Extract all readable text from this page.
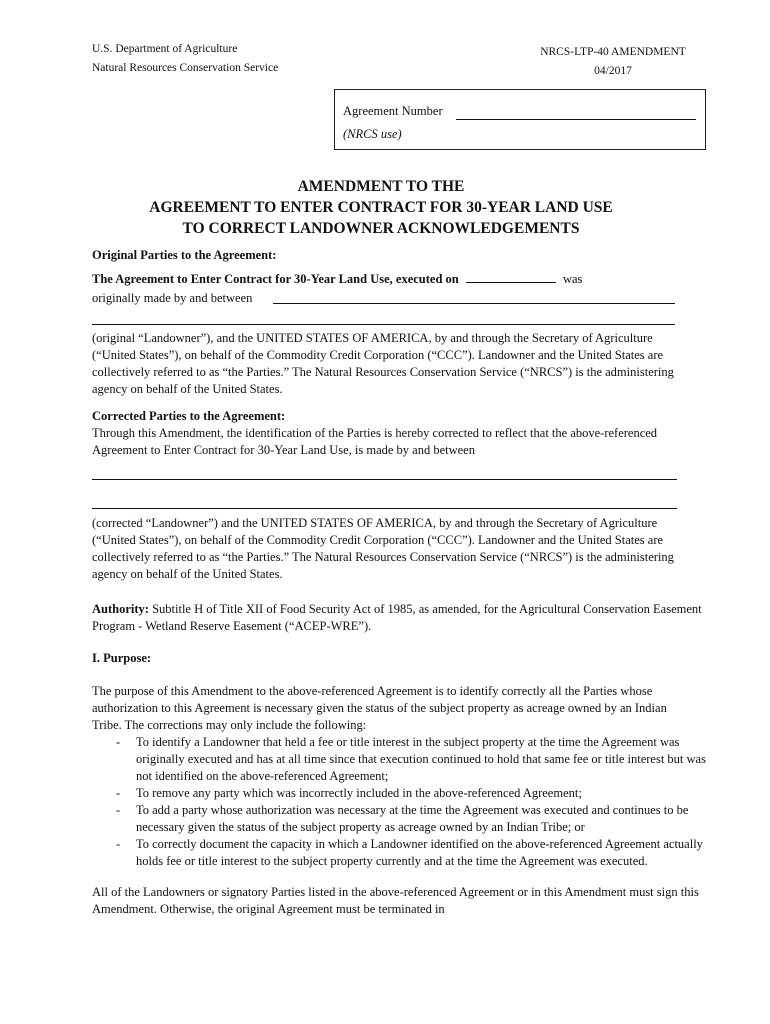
U.S. Department of Agriculture
Natural Resources Conservation Service
NRCS-LTP-40 AMENDMENT
04/2017
Agreement Number
(NRCS use)
AMENDMENT TO THE
AGREEMENT TO ENTER CONTRACT FOR 30-YEAR LAND USE
TO CORRECT LANDOWNER ACKNOWLEDGEMENTS
Original Parties to the Agreement:
The Agreement to Enter Contract for 30-Year Land Use, executed on	was
originally made by and between
(original “Landowner”), and the UNITED STATES OF AMERICA, by and through the Secretary of Agriculture (“United States”), on behalf of the Commodity Credit Corporation (“CCC”). Landowner and the United States are collectively referred to as “the Parties.” The Natural Resources Conservation Service (“NRCS”) is the administering agency on behalf of the United States.
Corrected Parties to the Agreement:
Through this Amendment, the identification of the Parties is hereby corrected to reflect that the above-referenced Agreement to Enter Contract for 30-Year Land Use, is made by and between
(corrected “Landowner”) and the UNITED STATES OF AMERICA, by and through the Secretary of Agriculture (“United States”), on behalf of the Commodity Credit Corporation (“CCC”). Landowner and the United States are collectively referred to as “the Parties.” The Natural Resources Conservation Service (“NRCS”) is the administering agency on behalf of the United States.
Authority: Subtitle H of Title XII of Food Security Act of 1985, as amended, for the Agricultural Conservation Easement Program - Wetland Reserve Easement (“ACEP-WRE”).
I. Purpose:
The purpose of this Amendment to the above-referenced Agreement is to identify correctly all the Parties whose authorization to this Agreement is necessary given the status of the subject property as acreage owned by an Indian Tribe. The corrections may only include the following:
-	To identify a Landowner that held a fee or title interest in the subject property at the time the Agreement was originally executed and has at all time since that execution continued to hold that same fee or title interest but was not identified on the above-referenced Agreement;
-	To remove any party which was incorrectly included in the above-referenced Agreement;
-	To add a party whose authorization was necessary at the time the Agreement was executed and continues to be necessary given the status of the subject property as acreage owned by an Indian Tribe; or
-	To correctly document the capacity in which a Landowner identified on the above-referenced Agreement actually holds fee or title interest to the subject property currently and at the time the Agreement was executed.
All of the Landowners or signatory Parties listed in the above-referenced Agreement or in this Amendment must sign this Amendment. Otherwise, the original Agreement must be terminated in
